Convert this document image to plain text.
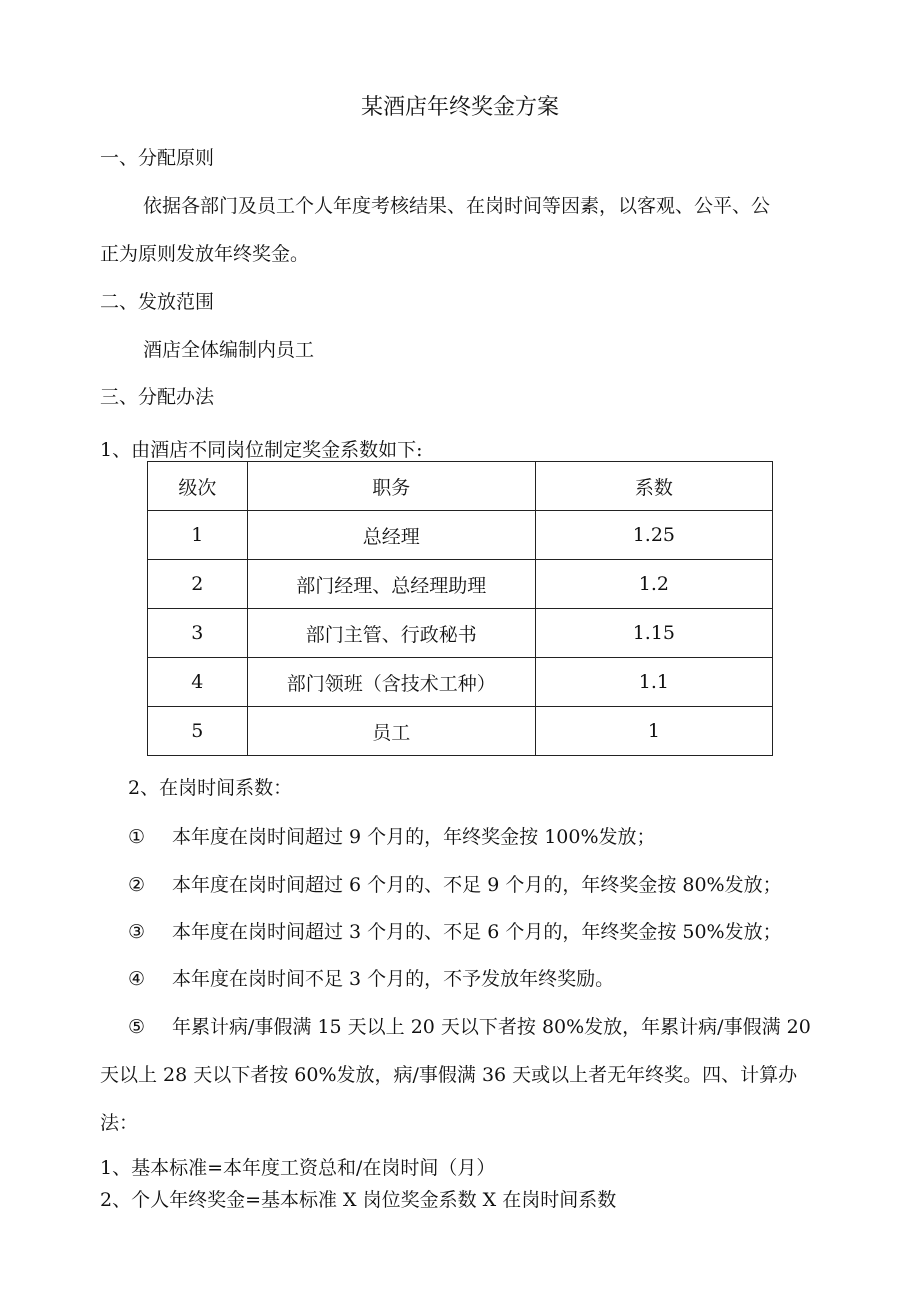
某酒店年终奖金方案
一、分配原则
依据各部门及员工个人年度考核结果、在岗时间等因素，以客观、公平、公
正为原则发放年终奖金。
二、发放范围
酒店全体编制内员工
三、分配办法
1、由酒店不同岗位制定奖金系数如下:
级次	职务	系数
1	总经理	1.25
2	部门经理、总经理助理	1.2
3	部门主管、行政秘书	1.15
4	部门领班（含技术工种）	1.1
5	员工	1
2、在岗时间系数：
① 本年度在岗时间超过 9 个月的，年终奖金按 100%发放；
② 本年度在岗时间超过 6 个月的、不足 9 个月的，年终奖金按 80%发放；
③ 本年度在岗时间超过 3 个月的、不足 6 个月的，年终奖金按 50%发放；
④ 本年度在岗时间不足 3 个月的，不予发放年终奖励。
⑤ 年累计病/事假满 15 天以上 20 天以下者按 80%发放，年累计病/事假满 20
天以上 28 天以下者按 60%发放，病/事假满 36 天或以上者无年终奖。四、计算办
法：
1、基本标准=本年度工资总和/在岗时间（月）
2、个人年终奖金=基本标准 X 岗位奖金系数 X 在岗时间系数
